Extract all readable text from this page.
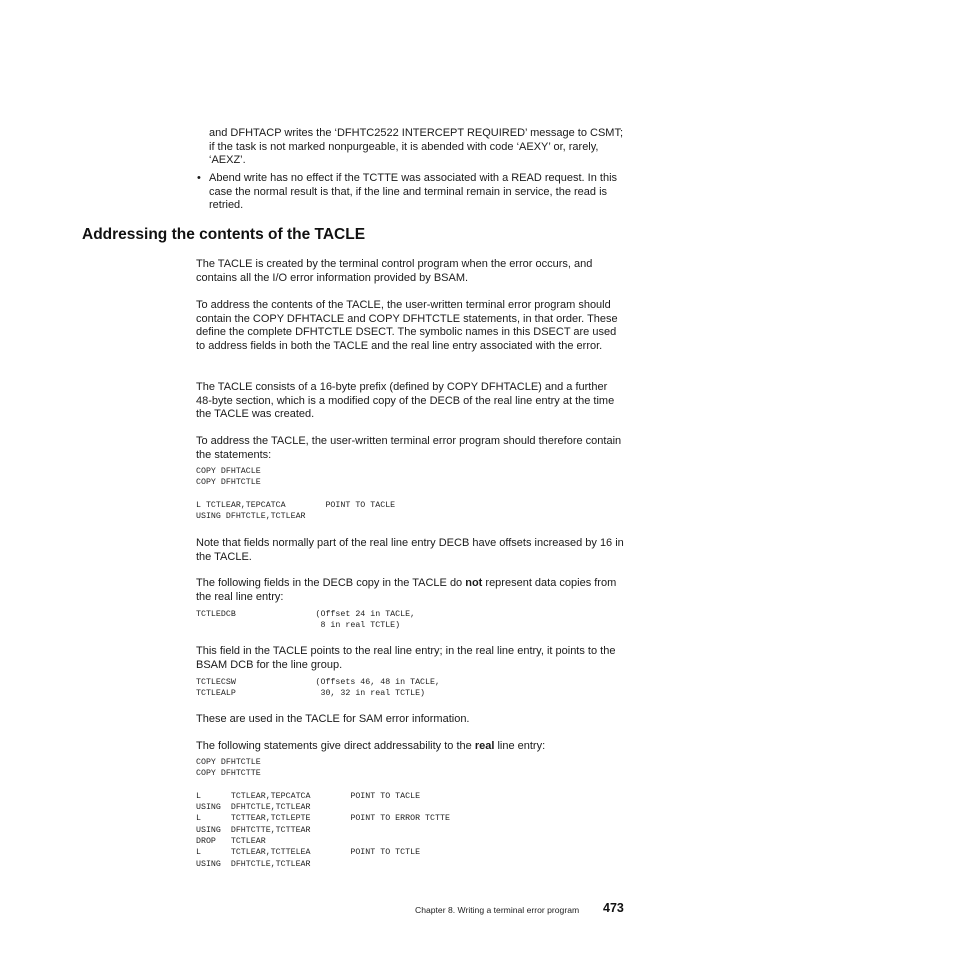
and DFHTACP writes the ‘DFHTC2522 INTERCEPT REQUIRED’ message to CSMT; if the task is not marked nonpurgeable, it is abended with code ‘AEXY’ or, rarely, ‘AEXZ’.

• Abend write has no effect if the TCTTE was associated with a READ request. In this case the normal result is that, if the line and terminal remain in service, the read is retried.

Addressing the contents of the TACLE

The TACLE is created by the terminal control program when the error occurs, and contains all the I/O error information provided by BSAM.

To address the contents of the TACLE, the user-written terminal error program should contain the COPY DFHTACLE and COPY DFHTCTLE statements, in that order. These define the complete DFHTCTLE DSECT. The symbolic names in this DSECT are used to address fields in both the TACLE and the real line entry associated with the error.

The TACLE consists of a 16-byte prefix (defined by COPY DFHTACLE) and a further 48-byte section, which is a modified copy of the DECB of the real line entry at the time the TACLE was created.

To address the TACLE, the user-written terminal error program should therefore contain the statements:

COPY DFHTACLE
COPY DFHTCTLE

L TCTLEAR,TEPCATCA        POINT TO TACLE
USING DFHTCTLE,TCTLEAR

Note that fields normally part of the real line entry DECB have offsets increased by 16 in the TACLE.

The following fields in the DECB copy in the TACLE do not represent data copies from the real line entry:

TCTLEDCB                (Offset 24 in TACLE,
8 in real TCTLE)

This field in the TACLE points to the real line entry; in the real line entry, it points to the BSAM DCB for the line group.

TCTLECSW                (Offsets 46, 48 in TACLE,
TCTLEALP                 30, 32 in real TCTLE)

These are used in the TACLE for SAM error information.

The following statements give direct addressability to the real line entry:

COPY DFHTCTLE
COPY DFHTCTTE

L      TCTLEAR,TEPCATCA        POINT TO TACLE
USING  DFHTCTLE,TCTLEAR
L      TCTTEAR,TCTLEPTE        POINT TO ERROR TCTTE
USING  DFHTCTTE,TCTTEAR
DROP   TCTLEAR
L      TCTLEAR,TCTTELEA        POINT TO TCTLE
USING  DFHTCTLE,TCTLEAR
Chapter 8. Writing a terminal error program 473
